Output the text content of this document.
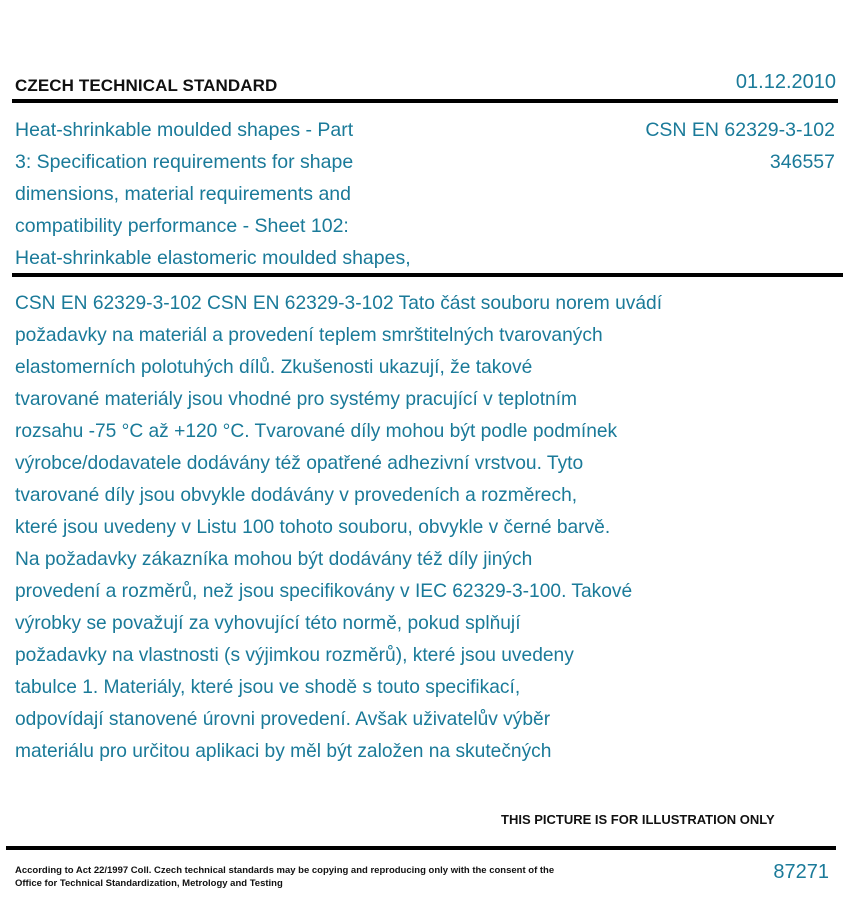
CZECH TECHNICAL STANDARD	01.12.2010
Heat-shrinkable moulded shapes - Part
3: Specification requirements for shape
dimensions, material requirements and
compatibility performance - Sheet 102:
Heat-shrinkable elastomeric moulded shapes,
CSN EN 62329-3-102
346557
CSN EN 62329-3-102 CSN EN 62329-3-102 Tato část souboru norem uvádí
požadavky na materiál a provedení teplem smrštitelných tvarovaných
elastomerních polotuhých dílů. Zkušenosti ukazují, že takové
tvarované materiály jsou vhodné pro systémy pracující v teplotním
rozsahu -75 °C až +120 °C. Tvarované díly mohou být podle podmínek
výrobce/dodavatele dodávány též opatřené adhezivní vrstvou. Tyto
tvarované díly jsou obvykle dodávány v provedeních a rozměrech,
které jsou uvedeny v Listu 100 tohoto souboru, obvykle v černé barvě.
Na požadavky zákazníka mohou být dodávány též díly jiných
provedení a rozměrů, než jsou specifikovány v IEC 62329-3-100. Takové
výrobky se považují za vyhovující této normě, pokud splňují
požadavky na vlastnosti (s výjimkou rozměrů), které jsou uvedeny
tabulce 1. Materiály, které jsou ve shodě s touto specifikací,
odpovídají stanovené úrovni provedení. Avšak uživatelův výběr
materiálu pro určitou aplikaci by měl být založen na skutečných
THIS PICTURE IS FOR ILLUSTRATION ONLY
According to Act 22/1997 Coll. Czech technical standards may be copying and reproducing only with the consent of the Office for Technical Standardization, Metrology and Testing
87271
